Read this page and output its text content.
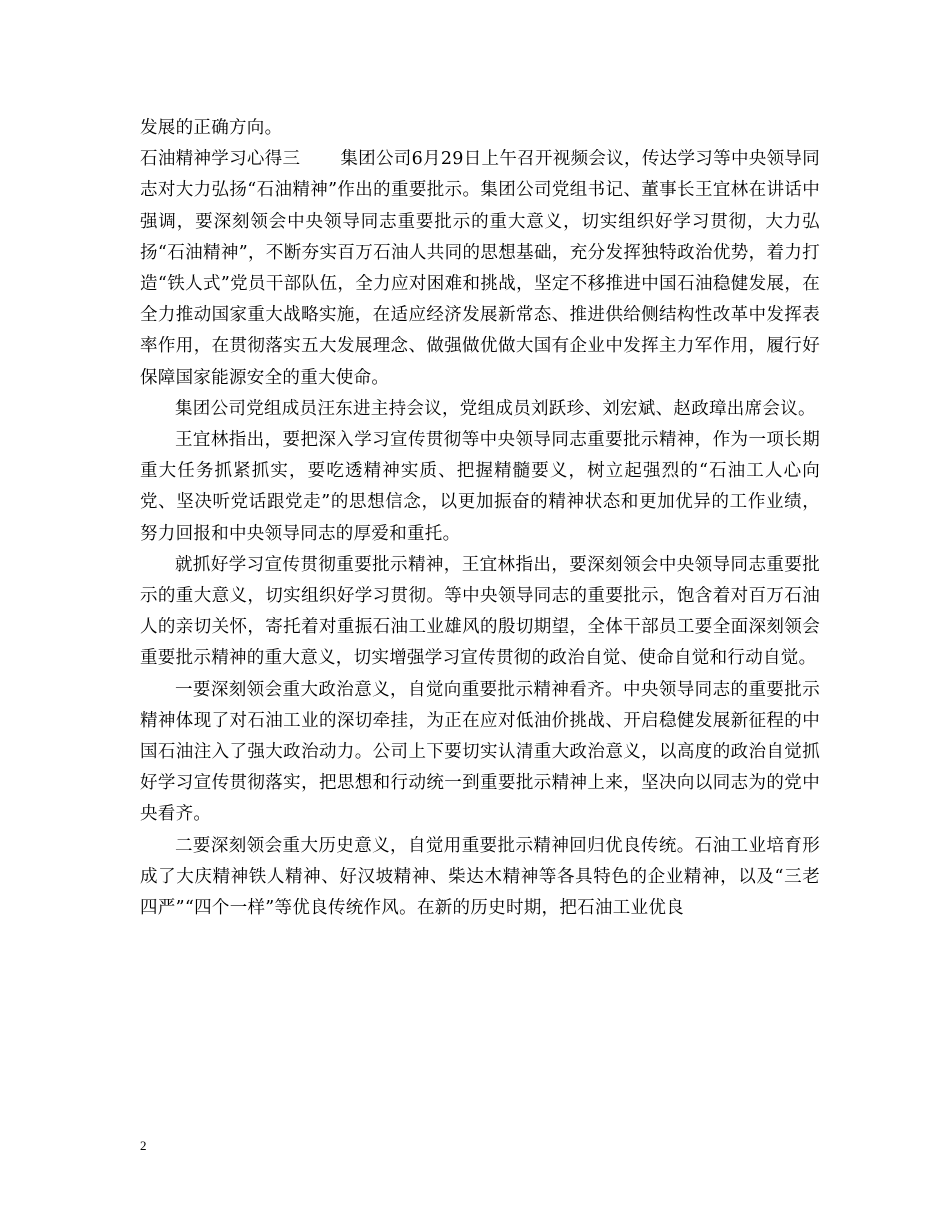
发展的正确方向。

石油精神学习心得三 集团公司6月29日上午召开视频会议，传达学习等中央领导同志对大力弘扬“石油精神”作出的重要批示。集团公司党组书记、董事长王宜林在讲话中强调，要深刻领会中央领导同志重要批示的重大意义，切实组织好学习贯彻，大力弘扬“石油精神”，不断夯实百万石油人共同的思想基础，充分发挥独特政治优势，着力打造“铁人式”党员干部队伍，全力应对困难和挑战，坚定不移推进中国石油稳健发展，在全力推动国家重大战略实施，在适应经济发展新常态、推进供给侧结构性改革中发挥表率作用，在贯彻落实五大发展理念、做强做优做大国有企业中发挥主力军作用，履行好保障国家能源安全的重大使命。

集团公司党组成员汪东进主持会议，党组成员刘跃珍、刘宏斌、赵政璋出席会议。

王宜林指出，要把深入学习宣传贯彻等中央领导同志重要批示精神，作为一项长期重大任务抓紧抓实，要吃透精神实质、把握精髓要义，树立起强烈的“石油工人心向党、坚决听党话跟党走”的思想信念，以更加振奋的精神状态和更加优异的工作业绩，努力回报和中央领导同志的厚爱和重托。

就抓好学习宣传贯彻重要批示精神，王宜林指出，要深刻领会中央领导同志重要批示的重大意义，切实组织好学习贯彻。等中央领导同志的重要批示，饱含着对百万石油人的亲切关怀，寄托着对重振石油工业雄风的殷切期望，全体干部员工要全面深刻领会重要批示精神的重大意义，切实增强学习宣传贯彻的政治自觉、使命自觉和行动自觉。

一要深刻领会重大政治意义，自觉向重要批示精神看齐。中央领导同志的重要批示精神体现了对石油工业的深切牵挂，为正在应对低油价挑战、开启稳健发展新征程的中国石油注入了强大政治动力。公司上下要切实认清重大政治意义，以高度的政治自觉抓好学习宣传贯彻落实，把思想和行动统一到重要批示精神上来，坚决向以同志为的党中央看齐。

二要深刻领会重大历史意义，自觉用重要批示精神回归优良传统。石油工业培育形成了大庆精神铁人精神、好汉坡精神、柴达木精神等各具特色的企业精神，以及“三老四严”“四个一样”等优良传统作风。在新的历史时期，把石油工业优良

2
